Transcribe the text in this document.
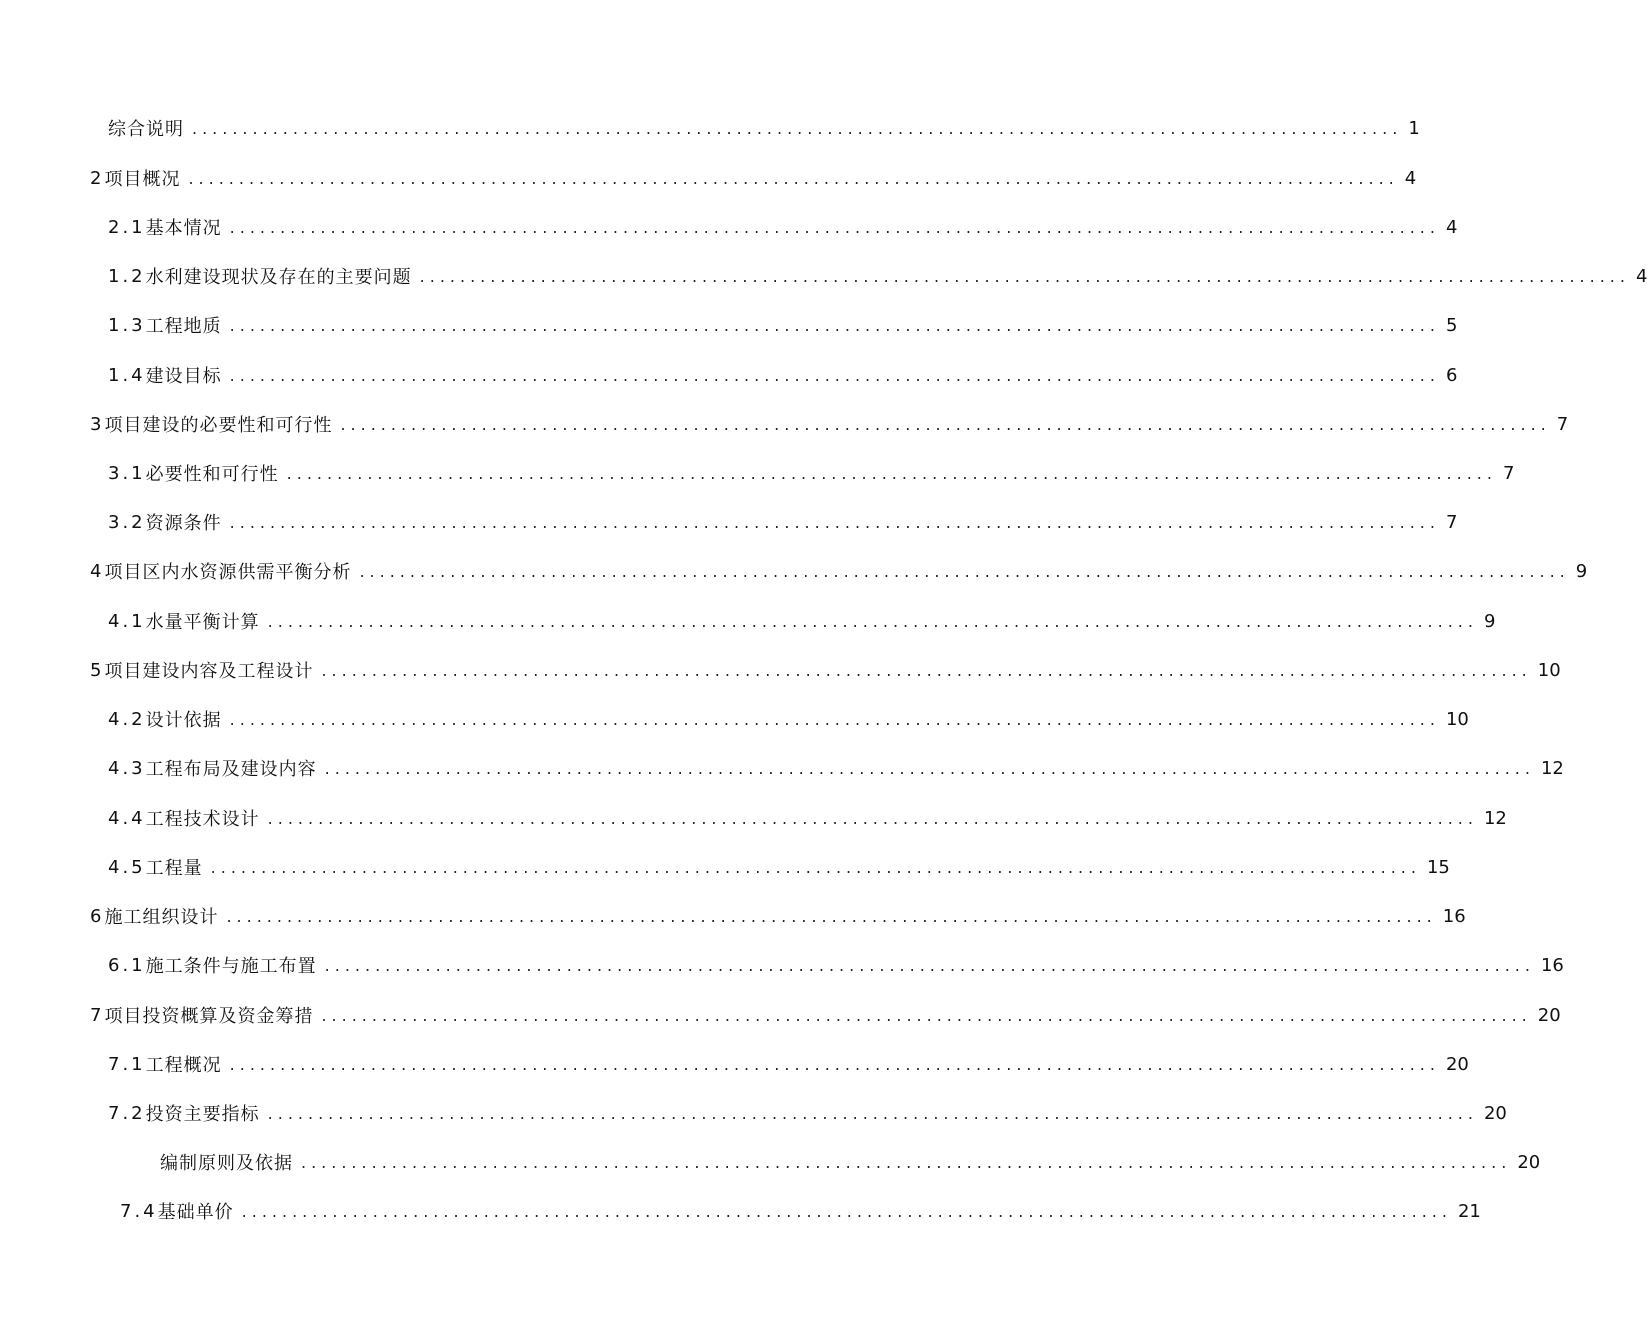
综合说明 ........................................................................................................................ 1
2 项目概况 ........................................................................................................................ 4
2.1 基本情况 ........................................................................................................................ 4
1.2 水利建设现状及存在的主要问题 ........................................................................................................................ 4
1.3 工程地质 ........................................................................................................................ 5
1.4 建设目标 ........................................................................................................................ 6
3 项目建设的必要性和可行性 ........................................................................................................................ 7
3.1 必要性和可行性 ........................................................................................................................ 7
3.2 资源条件 ........................................................................................................................ 7
4 项目区内水资源供需平衡分析 ........................................................................................................................ 9
4.1 水量平衡计算 ........................................................................................................................ 9
5 项目建设内容及工程设计 ........................................................................................................................ 10
4.2 设计依据 ........................................................................................................................ 10
4.3 工程布局及建设内容 ........................................................................................................................ 12
4.4 工程技术设计 ........................................................................................................................ 12
4.5 工程量 ........................................................................................................................ 15
6 施工组织设计 ........................................................................................................................ 16
6.1 施工条件与施工布置 ........................................................................................................................ 16
7 项目投资概算及资金筹措 ........................................................................................................................ 20
7.1 工程概况 ........................................................................................................................ 20
7.2 投资主要指标 ........................................................................................................................ 20
编制原则及依据 ........................................................................................................................ 20
7.4 基础单价 ........................................................................................................................ 21
